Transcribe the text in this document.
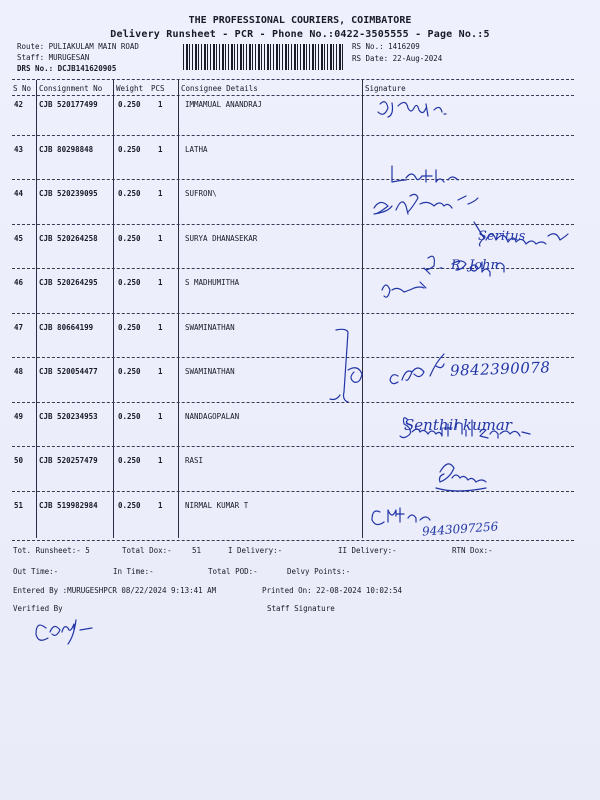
THE PROFESSIONAL COURIERS, COIMBATORE
Delivery Runsheet - PCR - Phone No.:0422-3505555 - Page No.:5
Route: PULIAKULAM MAIN ROAD
Staff: MURUGESAN
DRS No.: DCJB141620905
RS No.: 1416209
RS Date: 22-Aug-2024
S No Consignment No Weight PCS Consignee Details	Signature
42 CJB 520177499	0.250 1	IMMAMUAL ANANDRAJ
43 CJB 80298848	0.250 1	LATHA
44 CJB 520239095	0.250 1	SUFRON\
45 CJB 520264258	0.250 1	SURYA DHANASEKAR
46 CJB 520264295	0.250 1	S MADHUMITHA
47 CJB 80664199	0.250 1	SWAMINATHAN
48 CJB 520054477	0.250 1	SWAMINATHAN
49 CJB 520234953	0.250 1	NANDAGOPALAN
50 CJB 520257479	0.250 1	RASI
51 CJB 519982984	0.250 1	NIRMAL KUMAR T
Tot. Runsheet:- 5	Total Dox:-	51	I Delivery:-	II Delivery:-	RTN Dox:-
Out Time:-	In Time:-	Total POD:-	Delvy Points:-
Entered By :MURUGESHPCR 08/22/2024 9:13:41 AM	Printed On: 22-08-2024 10:02:54
Verified By	Staff Signature
Seritus
R. John
9842390078
Senthil kumar
9443097256
